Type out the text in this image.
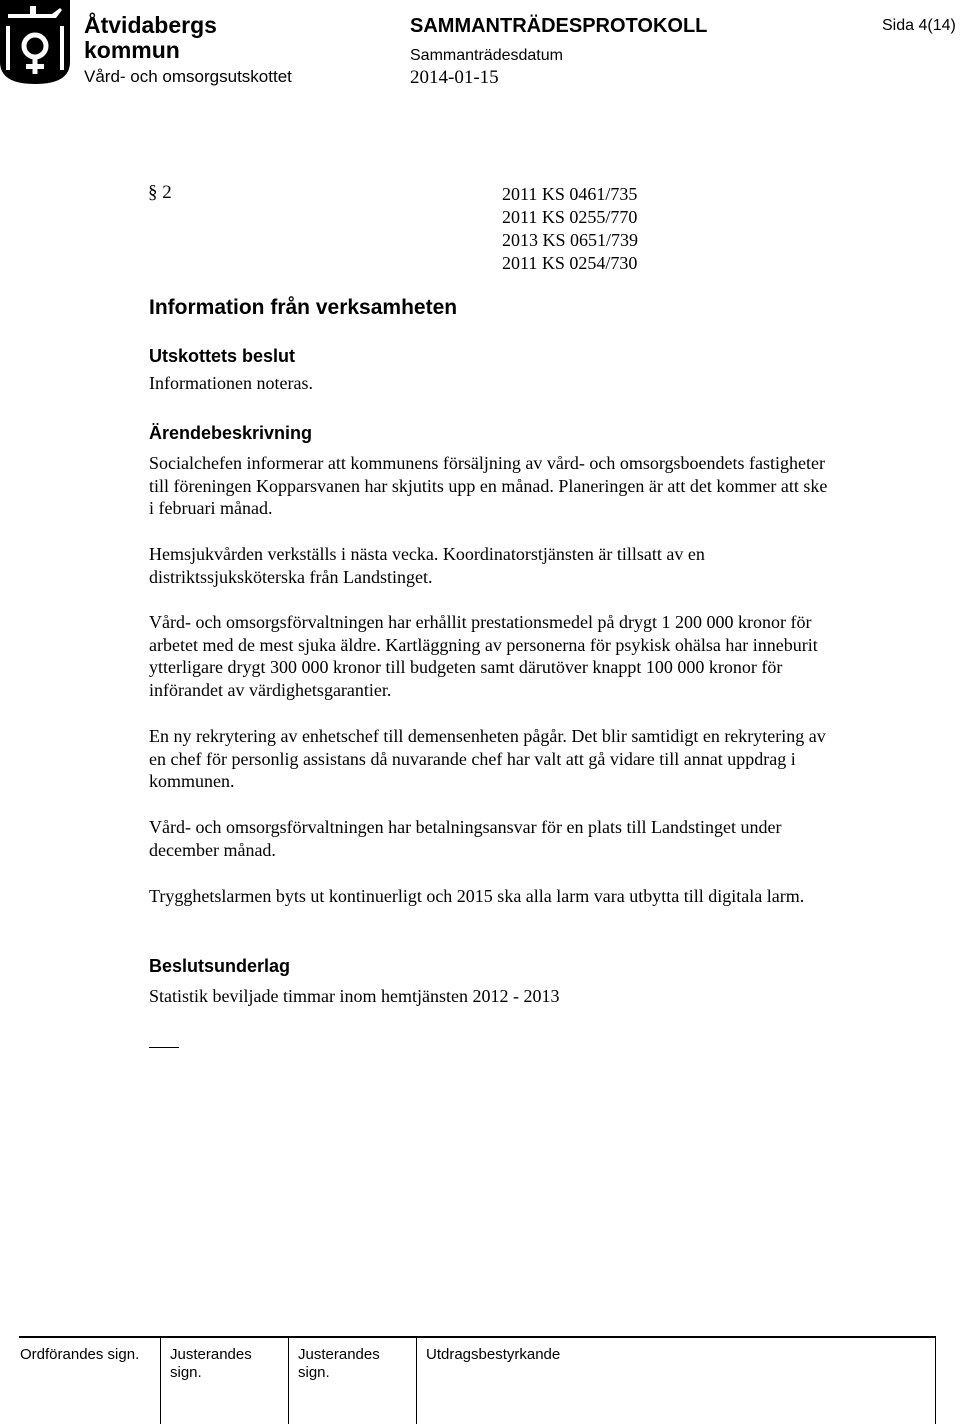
Åtvidabergs
kommun
Vård- och omsorgsutskottet
SAMMANTRÄDESPROTOKOLL
Sammanträdesdatum
2014-01-15
Sida 4(14)
§ 2	2011 KS 0461/735
2011 KS 0255/770
2013 KS 0651/739
2011 KS 0254/730
Information från verksamheten
Utskottets beslut
Informationen noteras.
Ärendebeskrivning
Socialchefen informerar att kommunens försäljning av vård- och omsorgsboendets fastigheter till föreningen Kopparsvanen har skjutits upp en månad. Planeringen är att det kommer att ske i februari månad.
Hemsjukvården verkställs i nästa vecka. Koordinatorstjänsten är tillsatt av en distriktssjuksköterska från Landstinget.
Vård- och omsorgsförvaltningen har erhållit prestationsmedel på drygt 1 200 000 kronor för arbetet med de mest sjuka äldre. Kartläggning av personerna för psykisk ohälsa har inneburit ytterligare drygt 300 000 kronor till budgeten samt därutöver knappt 100 000 kronor för införandet av värdighetsgarantier.
En ny rekrytering av enhetschef till demensenheten pågår. Det blir samtidigt en rekrytering av en chef för personlig assistans då nuvarande chef har valt att gå vidare till annat uppdrag i kommunen.
Vård- och omsorgsförvaltningen har betalningsansvar för en plats till Landstinget under december månad.
Trygghetslarmen byts ut kontinuerligt och 2015 ska alla larm vara utbytta till digitala larm.
Beslutsunderlag
Statistik beviljade timmar inom hemtjänsten 2012 - 2013
Ordförandes sign. Justerandes
sign.
Justerandes
sign.
Utdragsbestyrkande
